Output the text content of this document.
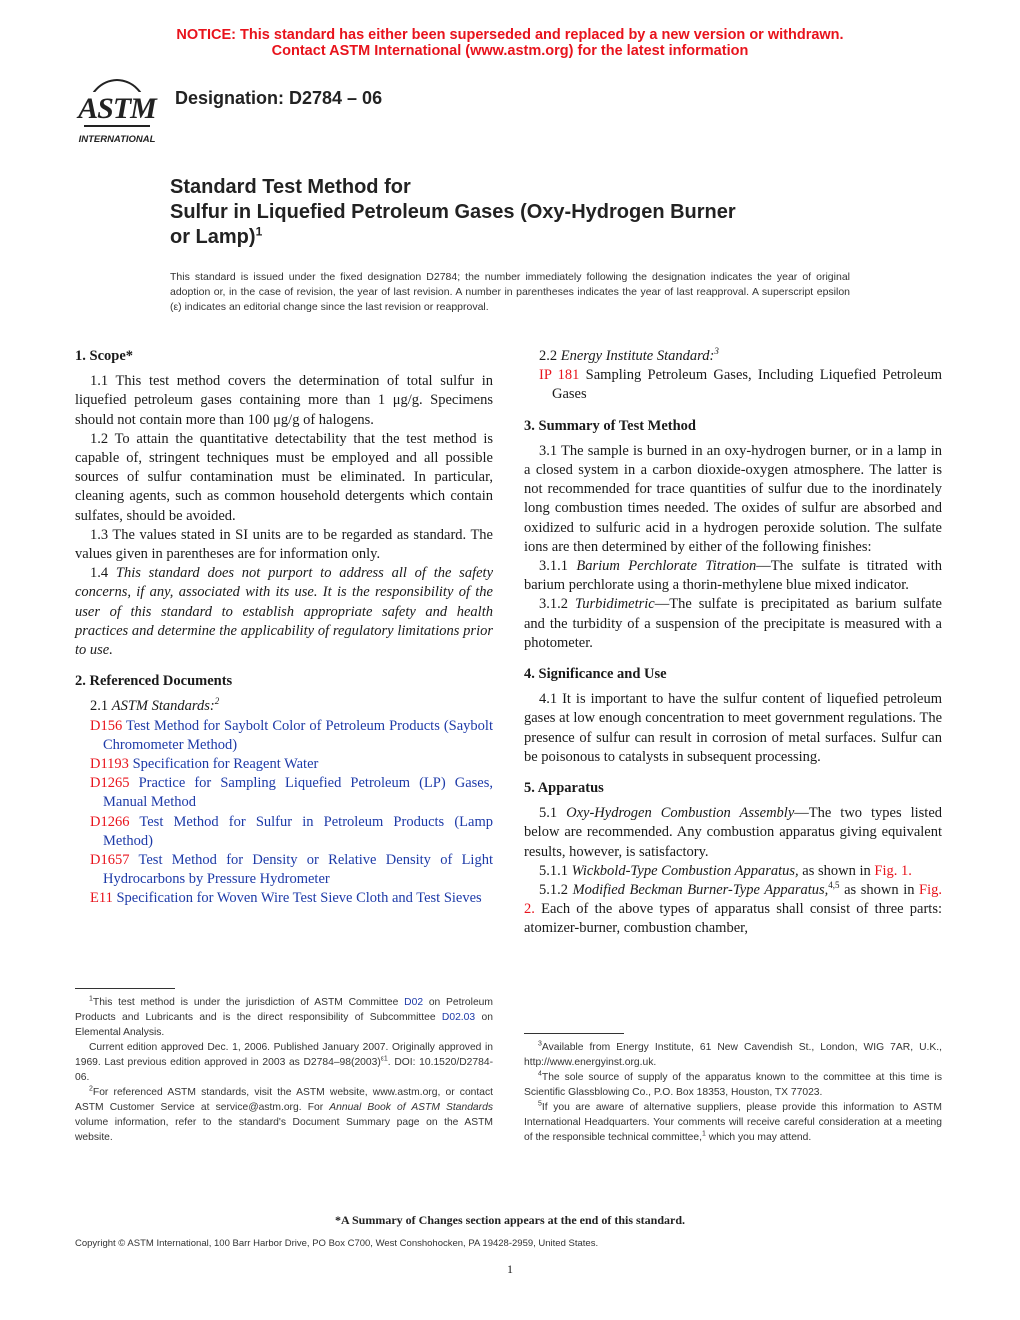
NOTICE: This standard has either been superseded and replaced by a new version or withdrawn.
Contact ASTM International (www.astm.org) for the latest information
ASTM
INTERNATIONAL
Designation: D2784 – 06
Standard Test Method for
Sulfur in Liquefied Petroleum Gases (Oxy-Hydrogen Burner
or Lamp)$^1$
This standard is issued under the fixed designation D2784; the number immediately following the designation indicates the year of original adoption or, in the case of revision, the year of last revision. A number in parentheses indicates the year of last reapproval. A superscript epsilon (ε) indicates an editorial change since the last revision or reapproval.
1. Scope*

1.1 This test method covers the determination of total sulfur in liquefied petroleum gases containing more than 1 μg/g. Specimens should not contain more than 100 μg/g of halogens.

1.2 To attain the quantitative detectability that the test method is capable of, stringent techniques must be employed and all possible sources of sulfur contamination must be eliminated. In particular, cleaning agents, such as common household detergents which contain sulfates, should be avoided.

1.3 The values stated in SI units are to be regarded as standard. The values given in parentheses are for information only.

1.4 This standard does not purport to address all of the safety concerns, if any, associated with its use. It is the responsibility of the user of this standard to establish appropriate safety and health practices and determine the applicability of regulatory limitations prior to use.

2. Referenced Documents

2.1 ASTM Standards:$^2$

D156 Test Method for Saybolt Color of Petroleum Products (Saybolt Chromometer Method)

D1193 Specification for Reagent Water

D1265 Practice for Sampling Liquefied Petroleum (LP) Gases, Manual Method

D1266 Test Method for Sulfur in Petroleum Products (Lamp Method)

D1657 Test Method for Density or Relative Density of Light Hydrocarbons by Pressure Hydrometer

E11 Specification for Woven Wire Test Sieve Cloth and Test Sieves

$^1$This test method is under the jurisdiction of ASTM Committee D02 on Petroleum Products and Lubricants and is the direct responsibility of Subcommittee D02.03 on Elemental Analysis.

Current edition approved Dec. 1, 2006. Published January 2007. Originally approved in 1969. Last previous edition approved in 2003 as $D2784-98(2003)^{\varepsilon 1}$. DOI: 10.1520/D2784-06.

$^2$For referenced ASTM standards, visit the ASTM website, www.astm.org, or contact ASTM Customer Service at service@astm.org. For Annual Book of ASTM Standards volume information, refer to the standard's Document Summary page on the ASTM website.

2.2 Energy Institute Standard:$^3$

IP 181 Sampling Petroleum Gases, Including Liquefied Petroleum Gases

3. Summary of Test Method

3.1 The sample is burned in an oxy-hydrogen burner, or in a lamp in a closed system in a carbon dioxide-oxygen atmosphere. The latter is not recommended for trace quantities of sulfur due to the inordinately long combustion times needed. The oxides of sulfur are absorbed and oxidized to sulfuric acid in a hydrogen peroxide solution. The sulfate ions are then determined by either of the following finishes:

3.1.1 Barium Perchlorate Titration—The sulfate is titrated with barium perchlorate using a thorin-methylene blue mixed indicator.

3.1.2 Turbidimetric—The sulfate is precipitated as barium sulfate and the turbidity of a suspension of the precipitate is measured with a photometer.

4. Significance and Use

4.1 It is important to have the sulfur content of liquefied petroleum gases at low enough concentration to meet government regulations. The presence of sulfur can result in corrosion of metal surfaces. Sulfur can be poisonous to catalysts in subsequent processing.

5. Apparatus

5.1 Oxy-Hydrogen Combustion Assembly—The two types listed below are recommended. Any combustion apparatus giving equivalent results, however, is satisfactory.

5.1.1 Wickbold-Type Combustion Apparatus, as shown in Fig. 1.

5.1.2 Modified Beckman Burner-Type Apparatus,$^{4,5}$ as shown in Fig. 2. Each of the above types of apparatus shall consist of three parts: atomizer-burner, combustion chamber,

$^3$Available from Energy Institute, 61 New Cavendish St., London, WIG 7AR, U.K., http://www.energyinst.org.uk.

$^4$The sole source of supply of the apparatus known to the committee at this time is Scientific Glassblowing Co., P.O. Box 18353, Houston, TX 77023.

$^5$If you are aware of alternative suppliers, please provide this information to ASTM International Headquarters. Your comments will receive careful consideration at a meeting of the responsible technical committee,$^1$ which you may attend.

*A Summary of Changes section appears at the end of this standard.
Copyright © ASTM International, 100 Barr Harbor Drive, PO Box C700, West Conshohocken, PA 19428-2959, United States.
1
